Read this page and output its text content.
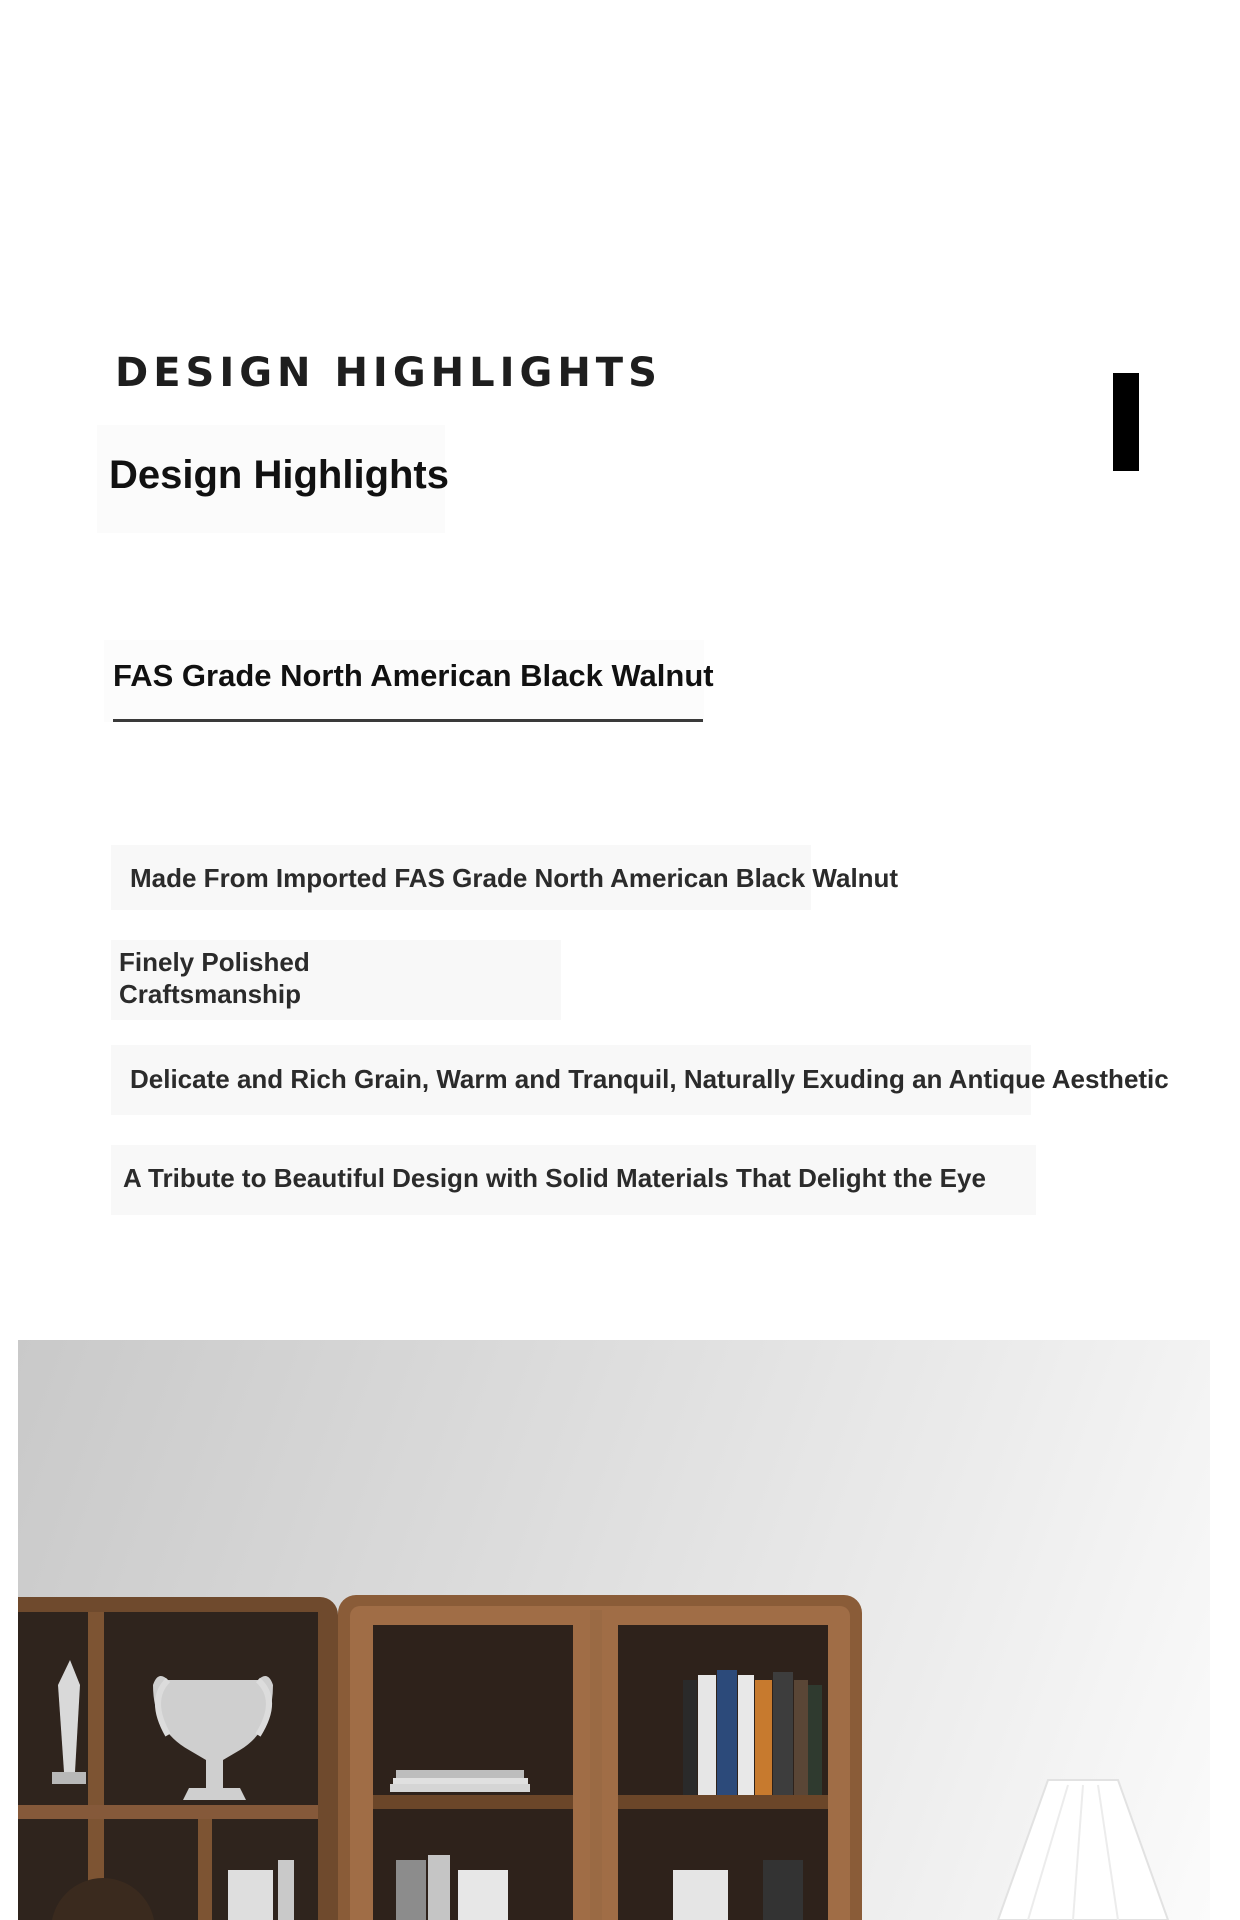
DESIGN HIGHLIGHTS
Design Highlights
FAS Grade North American Black Walnut
Made From Imported FAS Grade North American Black Walnut
Finely Polished Craftsmanship
Delicate and Rich Grain, Warm and Tranquil, Naturally Exuding an Antique Aesthetic
A Tribute to Beautiful Design with Solid Materials That Delight the Eye
